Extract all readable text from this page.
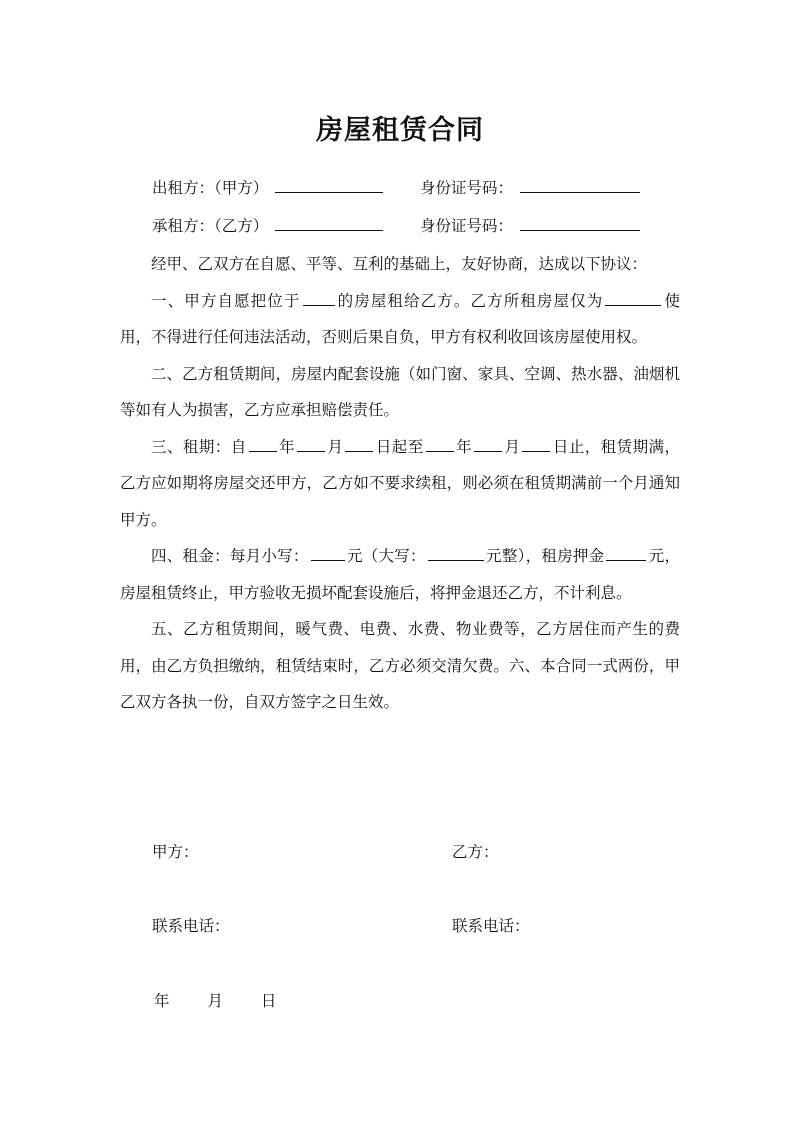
房屋租赁合同
出租方：（甲方）	身份证号码：
承租方：（乙方）	身份证号码：

经甲、乙双方在自愿、平等、互利的基础上，友好协商，达成以下协议：

一、甲方自愿把位于 的房屋租给乙方。乙方所租房屋仅为	使用，不得进行任何违法活动，否则后果自负，甲方有权利收回该房屋使用权。

二、乙方租赁期间，房屋内配套设施（如门窗、家具、空调、热水器、油烟机等如有人为损害，乙方应承担赔偿责任。

三、租期：自 年 月 日起至 年 月 日止，租赁期满，乙方应如期将房屋交还甲方，乙方如不要求续租，则必须在租赁期满前一个月通知甲方。

四、租金：每月小写： 元（大写：	元整），租房押金	元，房屋租赁终止，甲方验收无损坏配套设施后，将押金退还乙方，不计利息。

五、乙方租赁期间，暖气费、电费、水费、物业费等，乙方居住而产生的费用，由乙方负担缴纳，租赁结束时，乙方必须交清欠费。六、本合同一式两份，甲乙双方各执一份，自双方签字之日生效。

甲方：	乙方：
联系电话：	联系电话：
年 月 日
